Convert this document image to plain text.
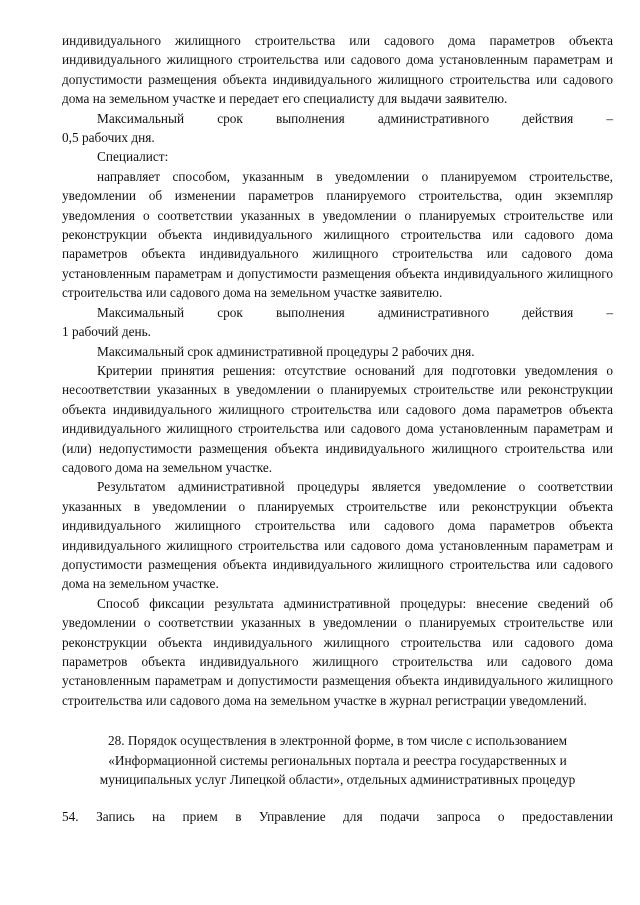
индивидуального жилищного строительства или садового дома параметров объекта индивидуального жилищного строительства или садового дома установленным параметрам и допустимости размещения объекта индивидуального жилищного строительства или садового дома на земельном участке и передает его специалисту для выдачи заявителю.

Максимальный срок выполнения административного действия –

0,5 рабочих дня.

Специалист:

направляет способом, указанным в уведомлении о планируемом строительстве, уведомлении об изменении параметров планируемого строительства, один экземпляр уведомления о соответствии указанных в уведомлении о планируемых строительстве или реконструкции объекта индивидуального жилищного строительства или садового дома параметров объекта индивидуального жилищного строительства или садового дома установленным параметрам и допустимости размещения объекта индивидуального жилищного строительства или садового дома на земельном участке заявителю.

Максимальный срок выполнения административного действия –

1 рабочий день.

Максимальный срок административной процедуры 2 рабочих дня.

Критерии принятия решения: отсутствие оснований для подготовки уведомления о несоответствии указанных в уведомлении о планируемых строительстве или реконструкции объекта индивидуального жилищного строительства или садового дома параметров объекта индивидуального жилищного строительства или садового дома установленным параметрам и (или) недопустимости размещения объекта индивидуального жилищного строительства или садового дома на земельном участке.

Результатом административной процедуры является уведомление о соответствии указанных в уведомлении о планируемых строительстве или реконструкции объекта индивидуального жилищного строительства или садового дома параметров объекта индивидуального жилищного строительства или садового дома установленным параметрам и допустимости размещения объекта индивидуального жилищного строительства или садового дома на земельном участке.

Способ фиксации результата административной процедуры: внесение сведений об уведомлении о соответствии указанных в уведомлении о планируемых строительстве или реконструкции объекта индивидуального жилищного строительства или садового дома параметров объекта индивидуального жилищного строительства или садового дома установленным параметрам и допустимости размещения объекта индивидуального жилищного строительства или садового дома на земельном участке в журнал регистрации уведомлений.

28. Порядок осуществления в электронной форме, в том числе с использованием «Информационной системы региональных портала и реестра государственных и муниципальных услуг Липецкой области», отдельных административных процедур

54. Запись на прием в Управление для подачи запроса о предоставлении
